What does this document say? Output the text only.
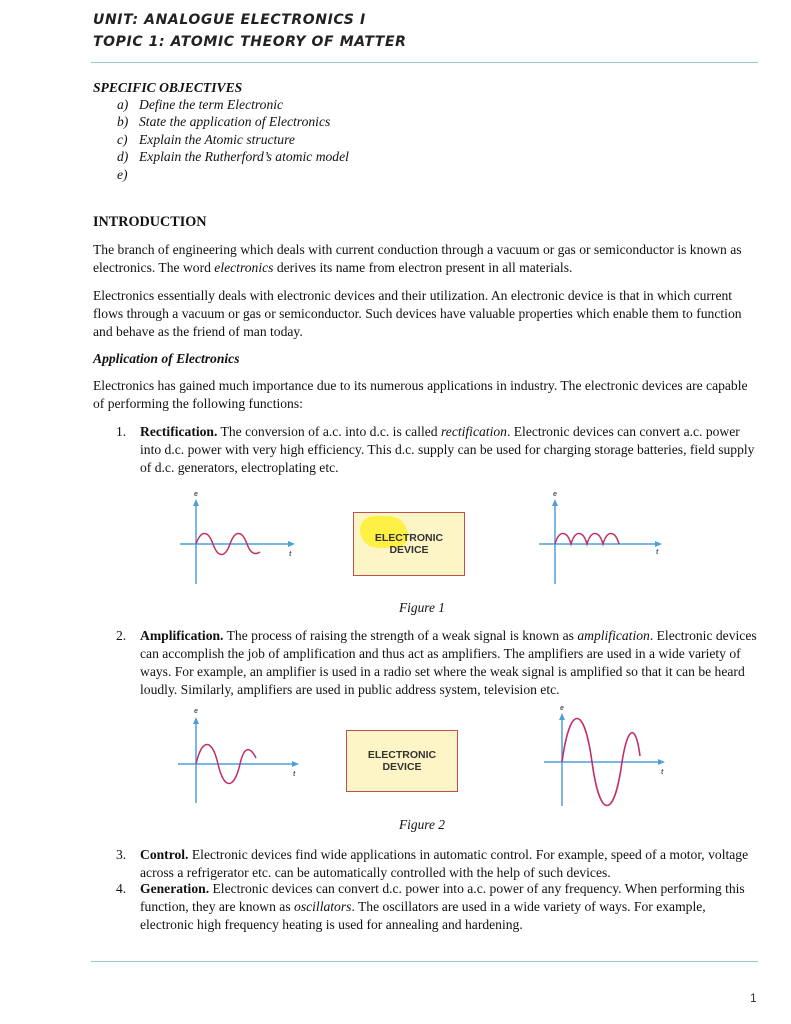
UNIT: ANALOGUE ELECTRONICS I
TOPIC 1: ATOMIC THEORY OF MATTER
SPECIFIC OBJECTIVES
a) Define the term Electronic
b) State the application of Electronics
c) Explain the Atomic structure
d) Explain the Rutherford’s atomic model
e)
INTRODUCTION
The branch of engineering which deals with current conduction through a vacuum or gas or semiconductor is known as electronics. The word electronics derives its name from electron present in all materials.
Electronics essentially deals with electronic devices and their utilization. An electronic device is that in which current flows through a vacuum or gas or semiconductor. Such devices have valuable properties which enable them to function and behave as the friend of man today.
Application of Electronics
Electronics has gained much importance due to its numerous applications in industry. The electronic devices are capable of performing the following functions:
1. Rectification. The conversion of a.c. into d.c. is called rectification. Electronic devices can convert a.c. power into d.c. power with very high efficiency. This d.c. supply can be used for charging storage batteries, field supply of d.c. generators, electroplating etc.
e
t
ELECTRONIC
DEVICE
e
t
Figure 1
2. Amplification. The process of raising the strength of a weak signal is known as amplification. Electronic devices can accomplish the job of amplification and thus act as amplifiers. The amplifiers are used in a wide variety of ways. For example, an amplifier is used in a radio set where the weak signal is amplified so that it can be heard loudly. Similarly, amplifiers are used in public address system, television etc.
e
t
ELECTRONIC
DEVICE
e
t
Figure 2
3. Control. Electronic devices find wide applications in automatic control. For example, speed of a motor, voltage across a refrigerator etc. can be automatically controlled with the help of such devices.
4. Generation. Electronic devices can convert d.c. power into a.c. power of any frequency. When performing this function, they are known as oscillators. The oscillators are used in a wide variety of ways. For example, electronic high frequency heating is used for annealing and hardening.
1
